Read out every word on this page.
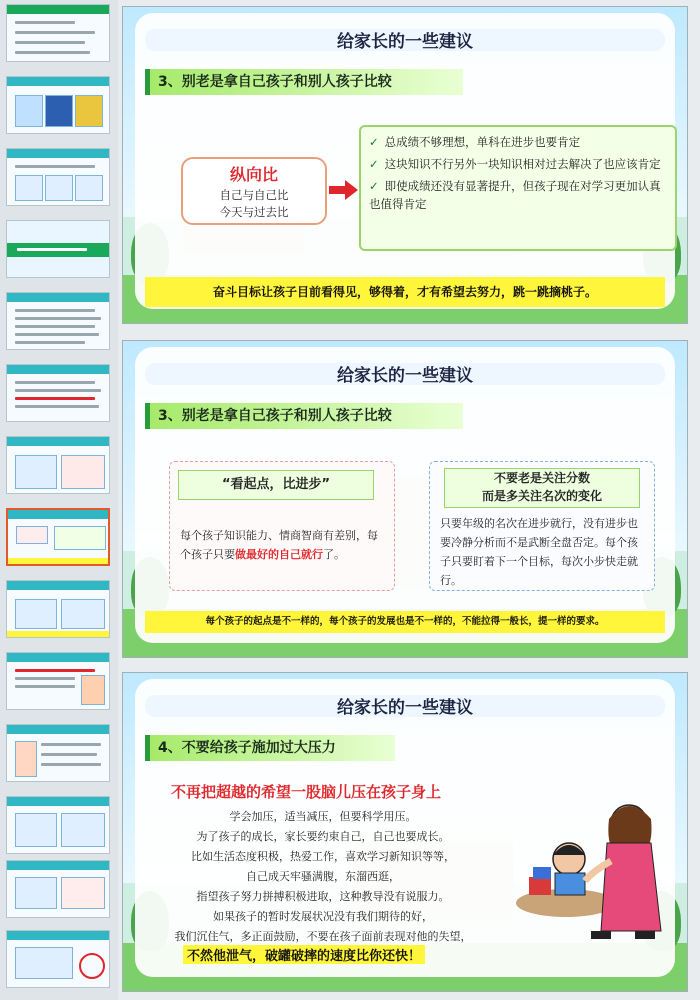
给家长的一些建议
3、别老是拿自己孩子和别人孩子比较
纵向比
自己与自己比
今天与过去比
✓ 总成绩不够理想，单科在进步也要肯定
✓ 这块知识不行另外一块知识相对过去解决了也应该肯定
✓ 即使成绩还没有显著提升，但孩子现在对学习更加认真也值得肯定
奋斗目标让孩子目前看得见，够得着，才有希望去努力，跳一跳摘桃子。
给家长的一些建议
3、别老是拿自己孩子和别人孩子比较
“看起点，比进步”
每个孩子知识能力、情商智商有差别，每个孩子只要做最好的自己就行了。
不要老是关注分数
而是多关注名次的变化
只要年级的名次在进步就行，没有进步也要冷静分析而不是武断全盘否定。每个孩子只要盯着下一个目标，每次小步快走就行。
每个孩子的起点是不一样的，每个孩子的发展也是不一样的，不能拉得一般长，提一样的要求。
给家长的一些建议
4、不要给孩子施加过大压力
不再把超越的希望一股脑儿压在孩子身上
学会加压，适当减压，但要科学用压。
为了孩子的成长，家长要约束自己，自己也要成长。
比如生活态度积极，热爱工作，喜欢学习新知识等等，
自己成天牢骚满腹，东溜西逛，
指望孩子努力拼搏积极进取，这种教导没有说服力。
如果孩子的暂时发展状况没有我们期待的好，
我们沉住气，多正面鼓励，不要在孩子面前表现对他的失望，
不然他泄气，破罐破摔的速度比你还快！
